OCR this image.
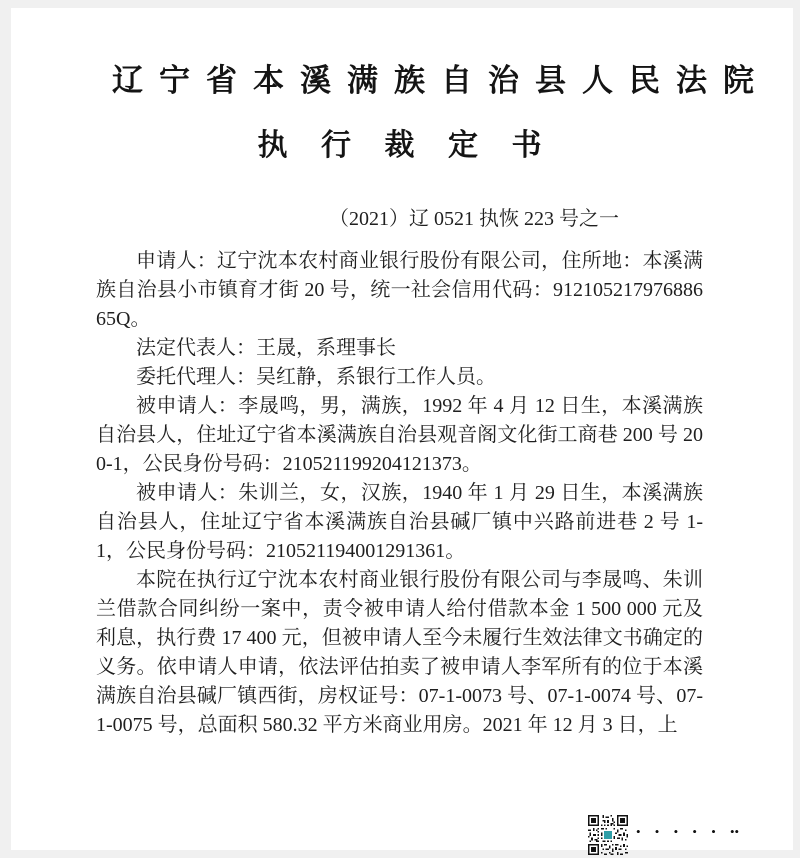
辽宁省本溪满族自治县人民法院
执 行 裁 定 书
（2021）辽 0521 执恢 223 号之一

申请人：辽宁沈本农村商业银行股份有限公司，住所地：本溪满族自治县小市镇育才街 20 号，统一社会信用代码：91210521797688665Q。

法定代表人：王晟，系理事长

委托代理人：吴红静，系银行工作人员。

被申请人：李晟鸣，男，满族，1992 年 4 月 12 日生，本溪满族自治县人，住址辽宁省本溪满族自治县观音阁文化街工商巷 200 号 200-1，公民身份号码：210521199204121373。

被申请人：朱训兰，女，汉族，1940 年 1 月 29 日生，本溪满族自治县人，住址辽宁省本溪满族自治县碱厂镇中兴路前进巷 2 号 1-1，公民身份号码：210521194001291361。

本院在执行辽宁沈本农村商业银行股份有限公司与李晟鸣、朱训兰借款合同纠纷一案中，责令被申请人给付借款本金 1 500 000 元及利息，执行费 17 400 元，但被申请人至今未履行生效法律文书确定的义务。依申请人申请，依法评估拍卖了被申请人李军所有的位于本溪满族自治县碱厂镇西街，房权证号：07-1-0073 号、07-1-0074 号、07-1-0075 号，总面积 580.32 平方米商业用房。2021 年 12 月 3 日，上

• • • • • ••
